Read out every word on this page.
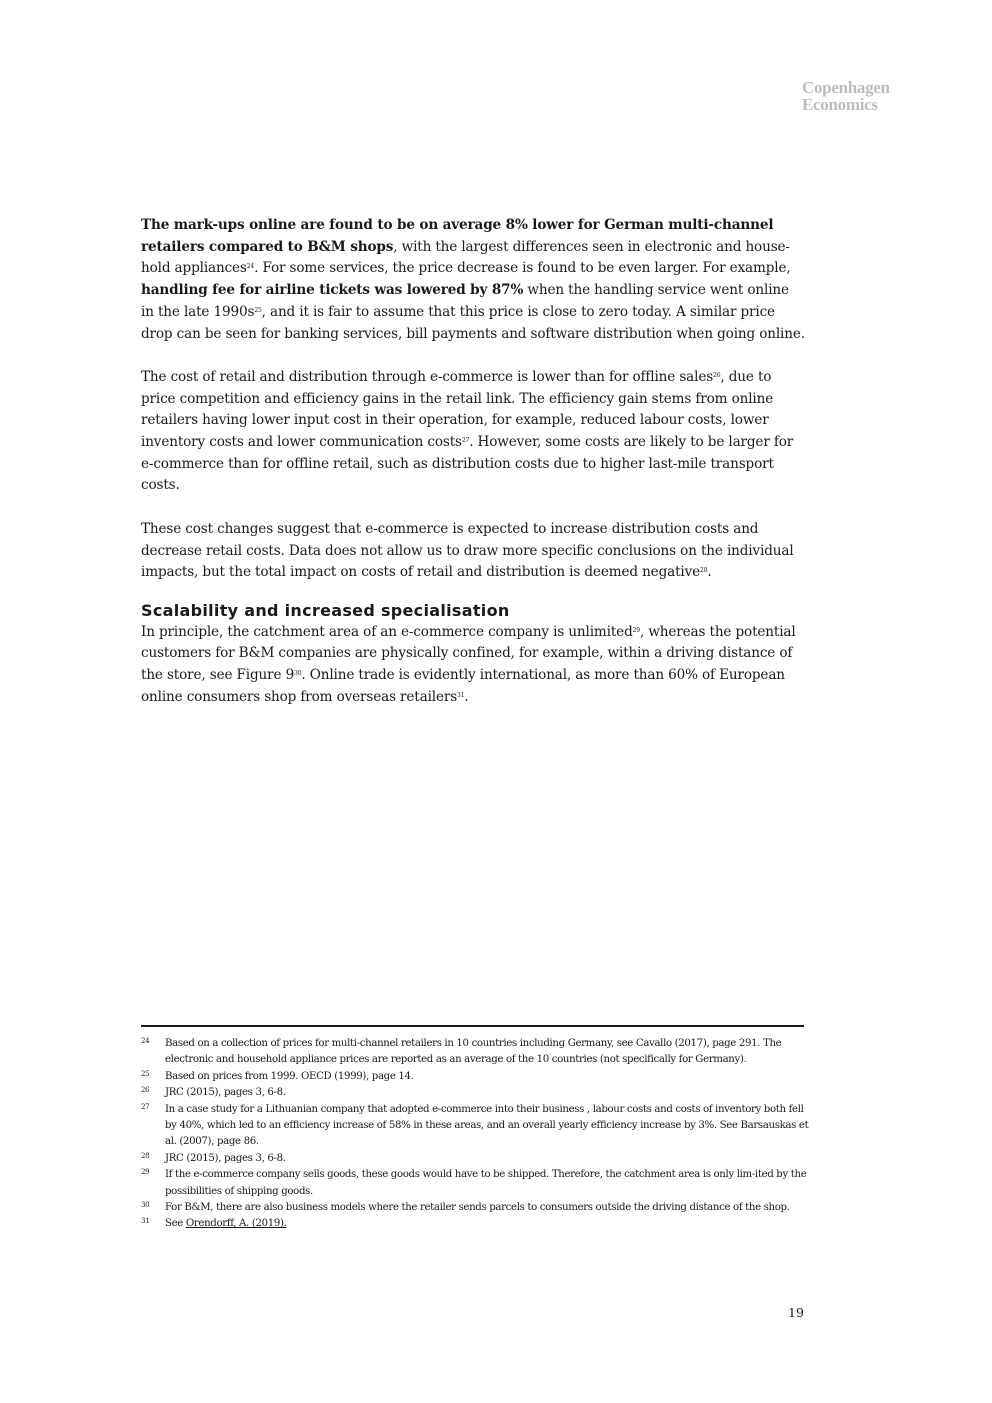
Copenhagen
Economics

The mark-ups online are found to be on average 8% lower for German multi-channel retailers compared to B&M shops, with the largest differences seen in electronic and house-hold appliances$^{24}$. For some services, the price decrease is found to be even larger. For example, handling fee for airline tickets was lowered by 87% when the handling service went online in the late $1990s^{25}$, and it is fair to assume that this price is close to zero today. A similar price drop can be seen for banking services, bill payments and software distribution when going online.

The cost of retail and distribution through e-commerce is lower than for offline sales$^{26}$, due to price competition and efficiency gains in the retail link. The efficiency gain stems from online retailers having lower input cost in their operation, for example, reduced labour costs, lower inventory costs and lower communication costs$^{27}$. However, some costs are likely to be larger for e-commerce than for offline retail, such as distribution costs due to higher last-mile transport costs.

These cost changes suggest that e-commerce is expected to increase distribution costs and decrease retail costs. Data does not allow us to draw more specific conclusions on the individual impacts, but the total impact on costs of retail and distribution is deemed negative$^{28}$.

Scalability and increased specialisation

In principle, the catchment area of an e-commerce company is unlimited$^{29}$, whereas the potential customers for B&M companies are physically confined, for example, within a driving distance of the store, see Figure $9^{30}$. Online trade is evidently international, as more than 60% of European online consumers shop from overseas retailers$^{31}$.

24	Based on a collection of prices for multi-channel retailers in 10 countries including Germany, see Cavallo (2017), page 291. The electronic and household appliance prices are reported as an average of the 10 countries (not specifically for Germany).
25	Based on prices from 1999. OECD (1999), page 14.
26	JRC (2015), pages 3, 6-8.
27	In a case study for a Lithuanian company that adopted e-commerce into their business , labour costs and costs of inventory both fell by 40%, which led to an efficiency increase of 58% in these areas, and an overall yearly efficiency increase by 3%. See Barsauskas et al. (2007), page 86.
28	JRC (2015), pages 3, 6-8.
29	If the e-commerce company sells goods, these goods would have to be shipped. Therefore, the catchment area is only lim-ited by the possibilities of shipping goods.
30	For B&M, there are also business models where the retailer sends parcels to consumers outside the driving distance of the shop.
31	See Orendorff, A. (2019).
19
